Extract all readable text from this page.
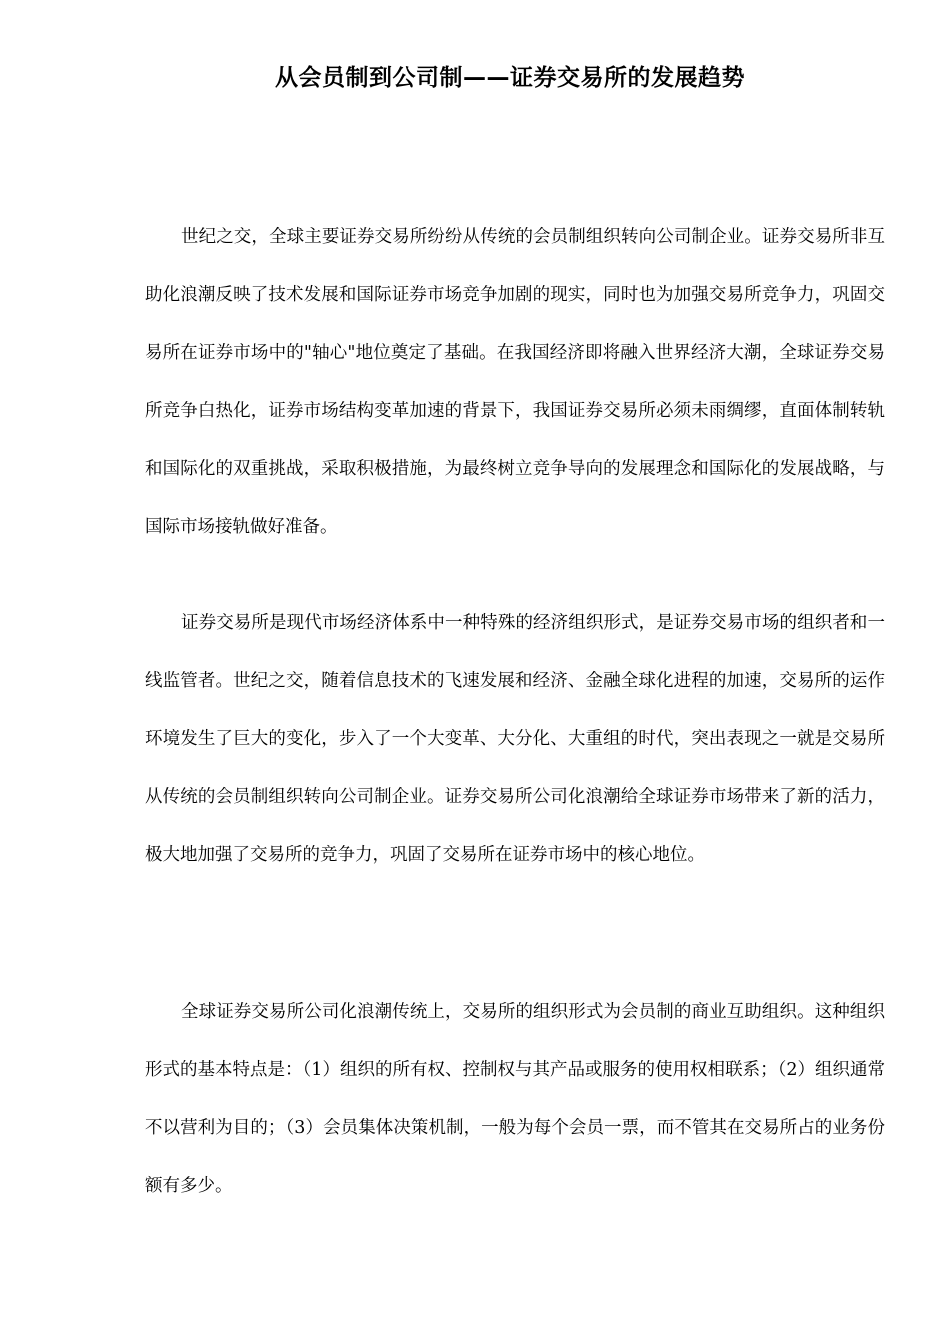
从会员制到公司制——证券交易所的发展趋势

世纪之交，全球主要证券交易所纷纷从传统的会员制组织转向公司制企业。证券交易所非互助化浪潮反映了技术发展和国际证券市场竞争加剧的现实，同时也为加强交易所竞争力，巩固交易所在证券市场中的"轴心"地位奠定了基础。在我国经济即将融入世界经济大潮，全球证券交易所竞争白热化，证券市场结构变革加速的背景下，我国证券交易所必须未雨绸缪，直面体制转轨和国际化的双重挑战，采取积极措施，为最终树立竞争导向的发展理念和国际化的发展战略，与国际市场接轨做好准备。

证券交易所是现代市场经济体系中一种特殊的经济组织形式，是证券交易市场的组织者和一线监管者。世纪之交，随着信息技术的飞速发展和经济、金融全球化进程的加速，交易所的运作环境发生了巨大的变化，步入了一个大变革、大分化、大重组的时代，突出表现之一就是交易所从传统的会员制组织转向公司制企业。证券交易所公司化浪潮给全球证券市场带来了新的活力，极大地加强了交易所的竞争力，巩固了交易所在证券市场中的核心地位。

全球证券交易所公司化浪潮传统上，交易所的组织形式为会员制的商业互助组织。这种组织形式的基本特点是：（1）组织的所有权、控制权与其产品或服务的使用权相联系；（2）组织通常不以营利为目的；（3）会员集体决策机制，一般为每个会员一票，而不管其在交易所占的业务份额有多少。
